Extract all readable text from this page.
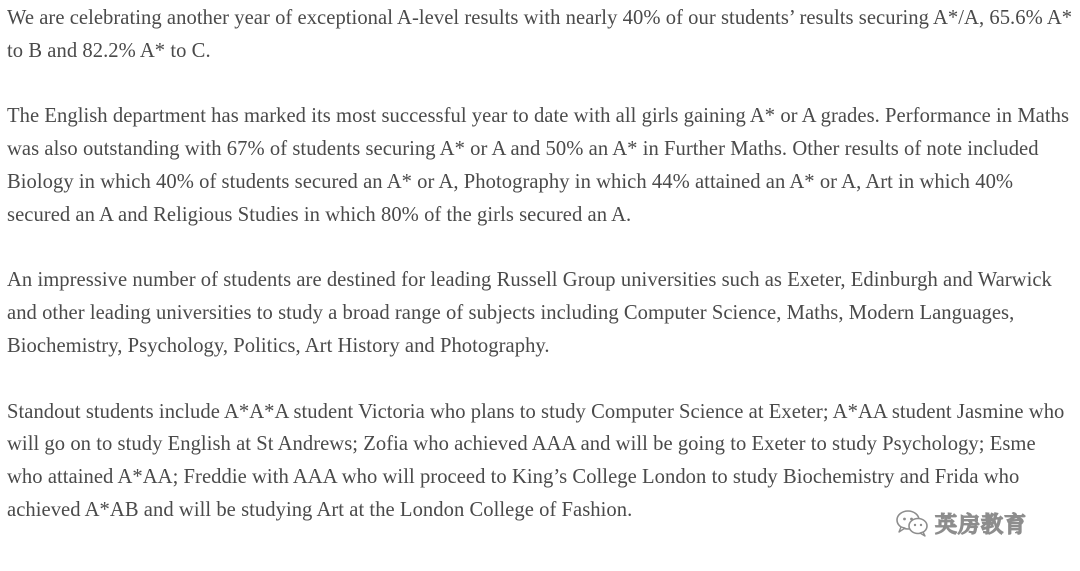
We are celebrating another year of exceptional A-level results with nearly 40% of our students’ results securing A*/A, 65.6% A* to B and 82.2% A* to C.

The English department has marked its most successful year to date with all girls gaining A* or A grades. Performance in Maths was also outstanding with 67% of students securing A* or A and 50% an A* in Further Maths. Other results of note included Biology in which 40% of students secured an A* or A, Photography in which 44% attained an A* or A, Art in which 40% secured an A and Religious Studies in which 80% of the girls secured an A.

An impressive number of students are destined for leading Russell Group universities such as Exeter, Edinburgh and Warwick and other leading universities to study a broad range of subjects including Computer Science, Maths, Modern Languages, Biochemistry, Psychology, Politics, Art History and Photography.

Standout students include A*A*A student Victoria who plans to study Computer Science at Exeter; A*AA student Jasmine who will go on to study English at St Andrews; Zofia who achieved AAA and will be going to Exeter to study Psychology; Esme who attained A*AA; Freddie with AAA who will proceed to King’s College London to study Biochemistry and Frida who achieved A*AB and will be studying Art at the London College of Fashion.

英房教育
